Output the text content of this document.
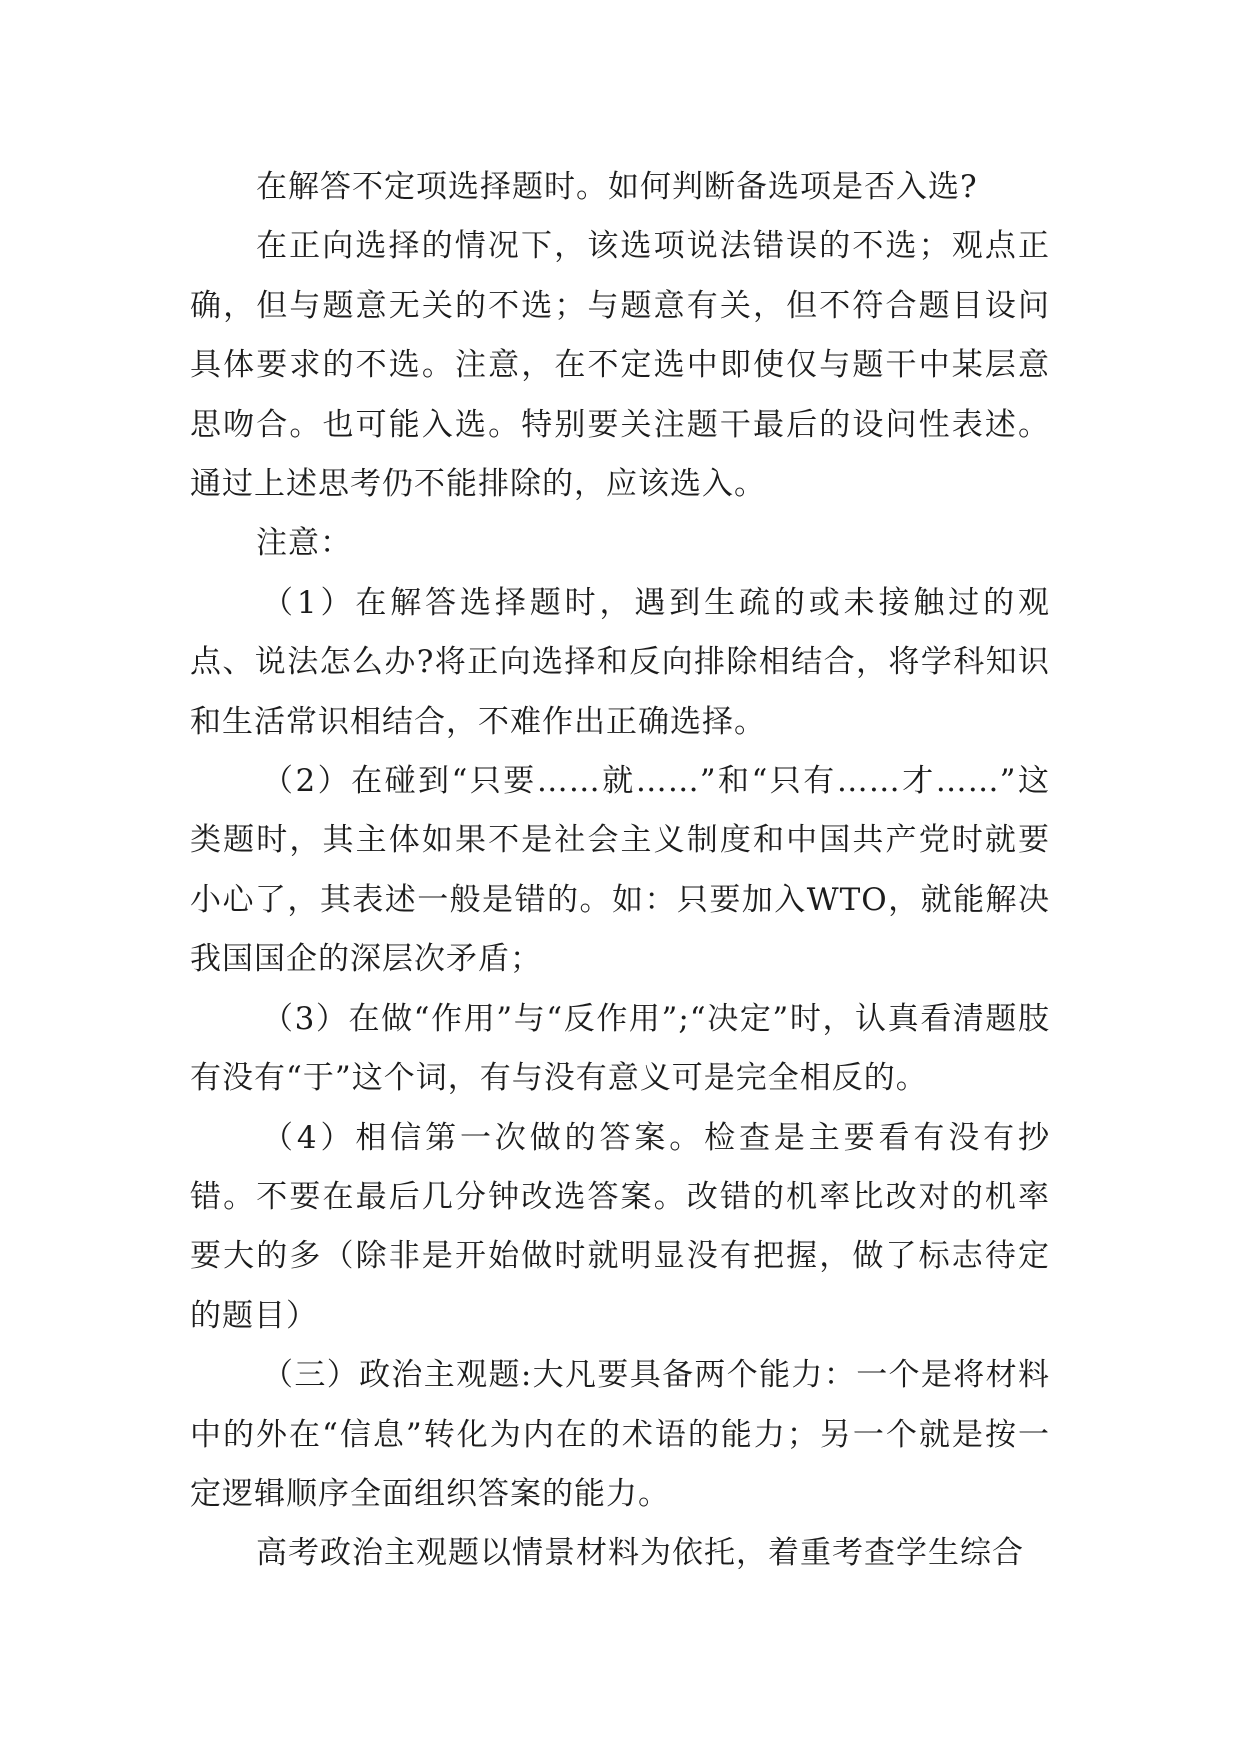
在解答不定项选择题时。如何判断备选项是否入选?

在正向选择的情况下，该选项说法错误的不选；观点正确，但与题意无关的不选；与题意有关，但不符合题目设问具体要求的不选。注意，在不定选中即使仅与题干中某层意思吻合。也可能入选。特别要关注题干最后的设问性表述。通过上述思考仍不能排除的，应该选入。

注意：

（1）在解答选择题时，遇到生疏的或未接触过的观点、说法怎么办?将正向选择和反向排除相结合，将学科知识和生活常识相结合，不难作出正确选择。

（2）在碰到“只要……就……”和“只有……才……”这类题时，其主体如果不是社会主义制度和中国共产党时就要小心了，其表述一般是错的。如：只要加入WTO，就能解决我国国企的深层次矛盾；

（3）在做“作用”与“反作用”;“决定”时，认真看清题肢有没有“于”这个词，有与没有意义可是完全相反的。

（4）相信第一次做的答案。检查是主要看有没有抄错。不要在最后几分钟改选答案。改错的机率比改对的机率要大的多（除非是开始做时就明显没有把握，做了标志待定的题目）

（三）政治主观题:大凡要具备两个能力：一个是将材料中的外在“信息”转化为内在的术语的能力；另一个就是按一定逻辑顺序全面组织答案的能力。

高考政治主观题以情景材料为依托，着重考查学生综合
